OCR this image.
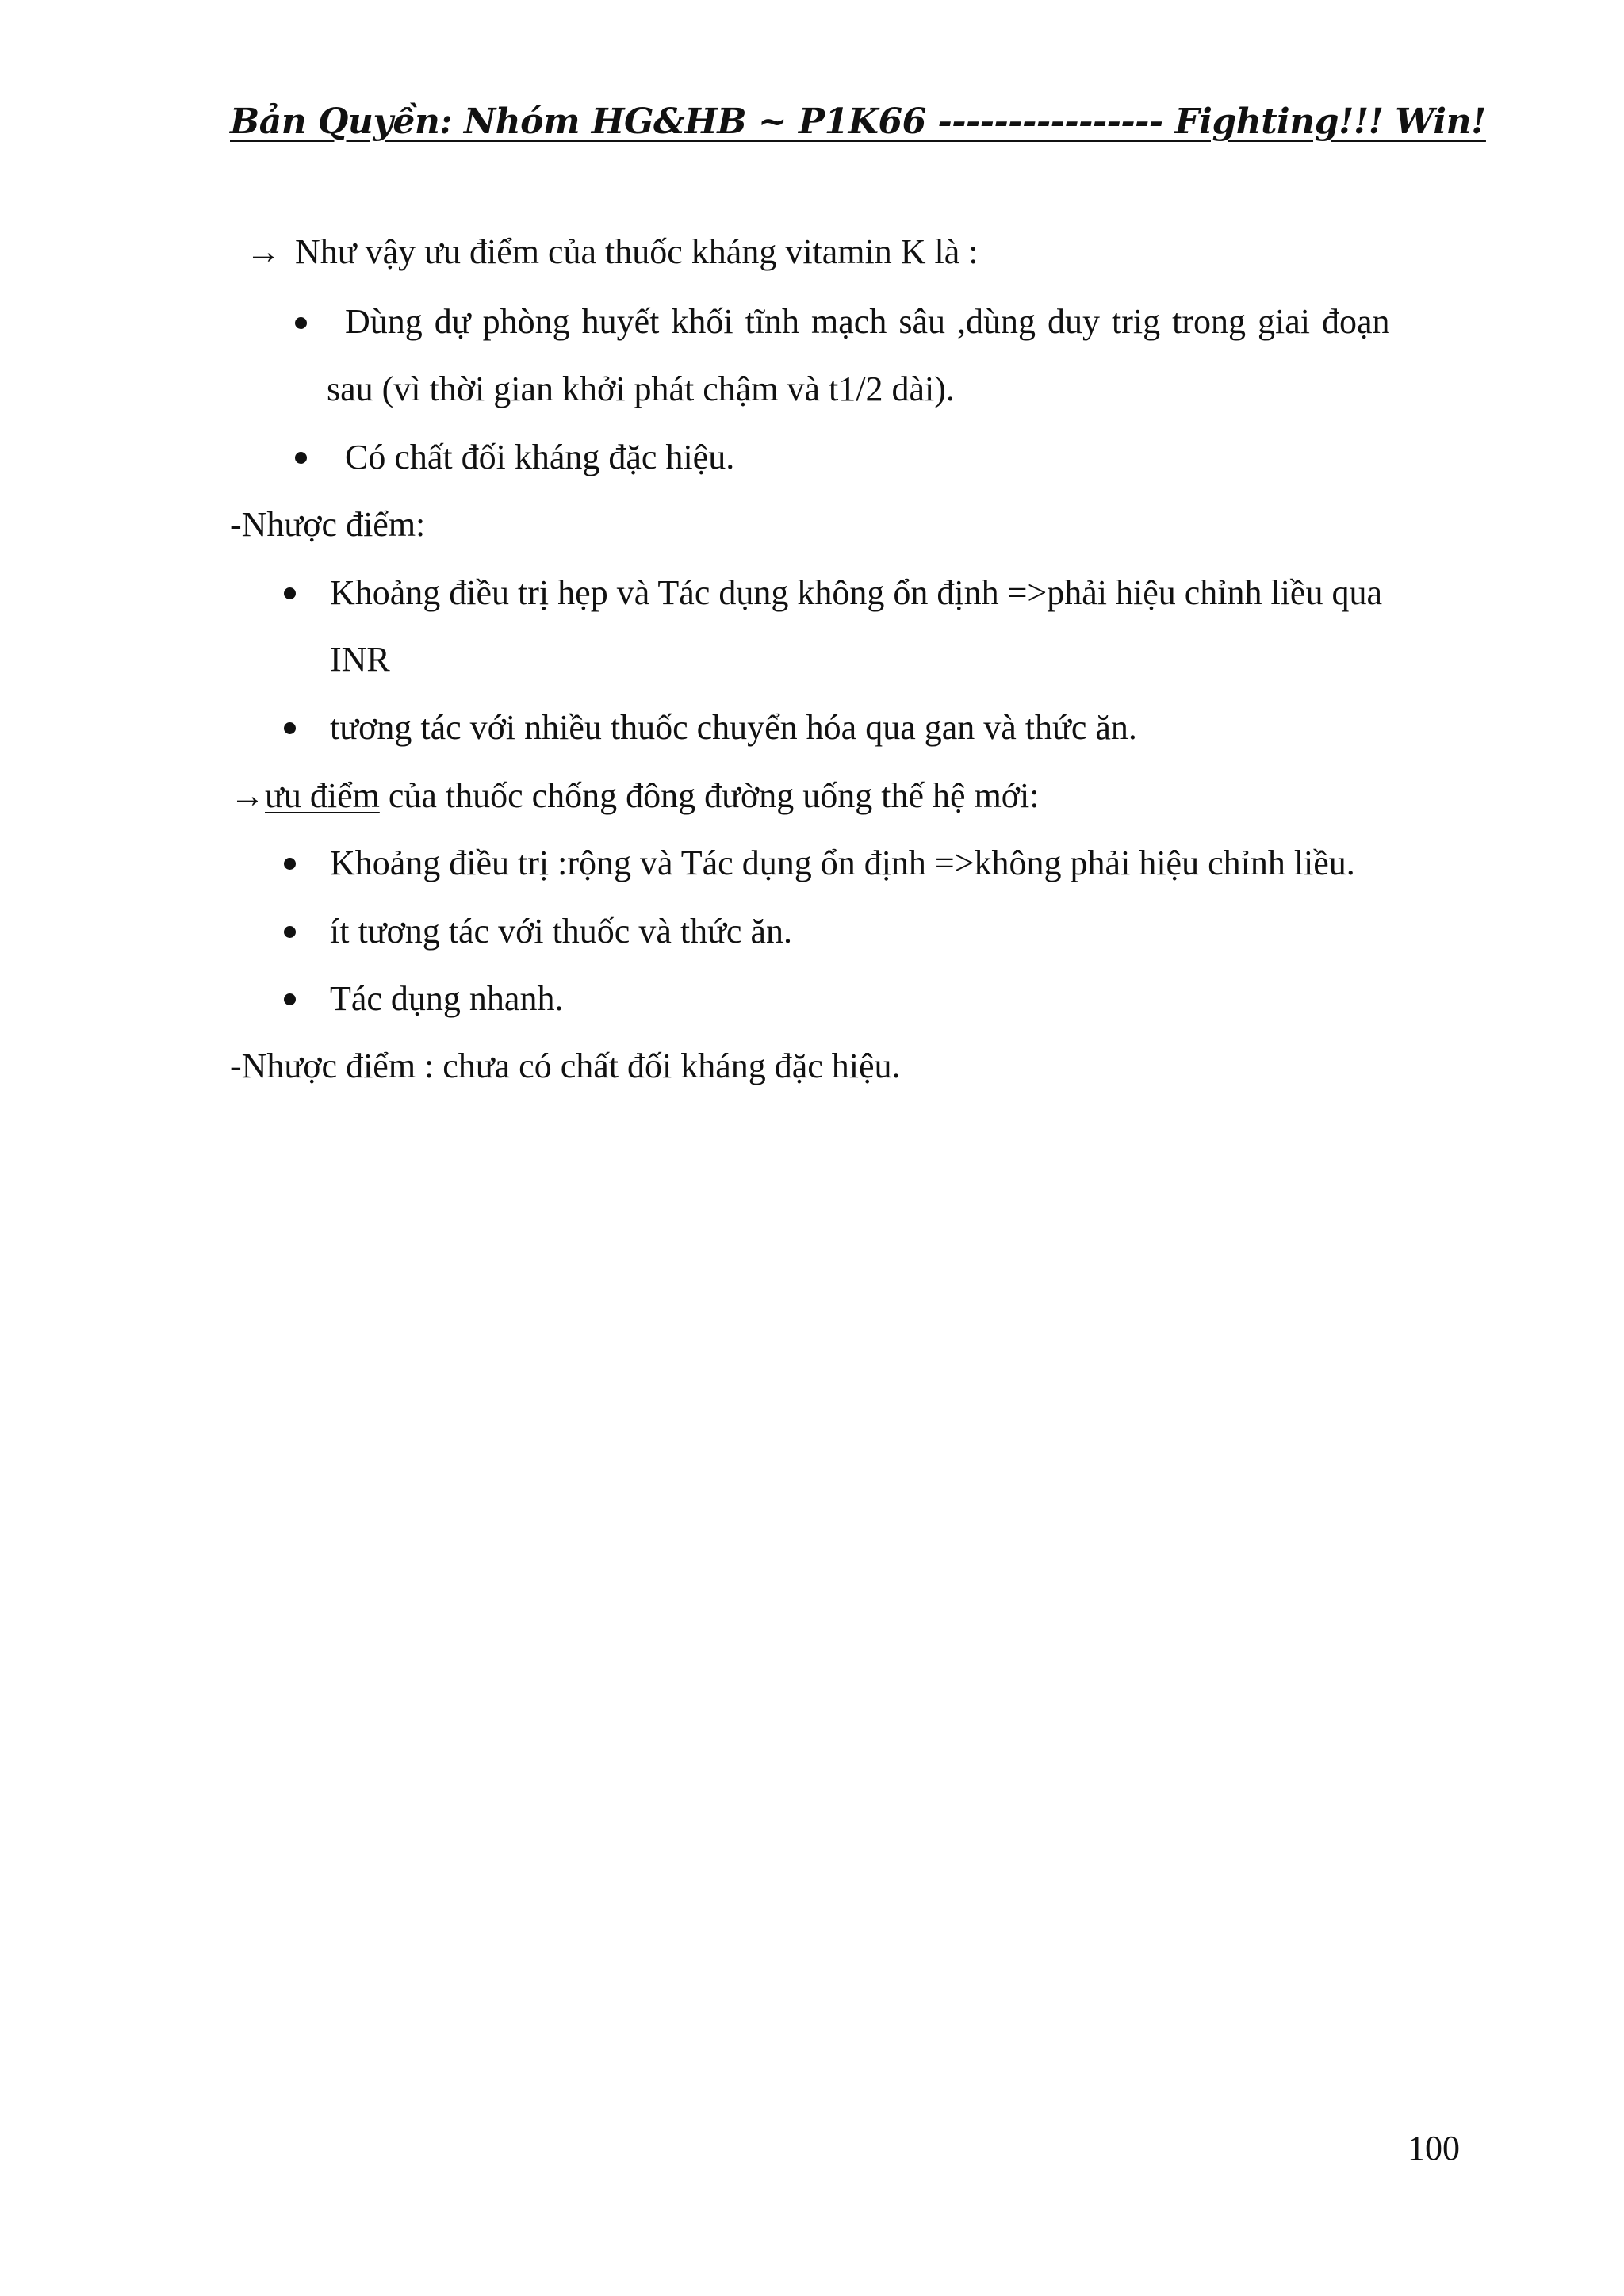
Bản Quyền: Nhóm HG&HB ~ P1K66 ---------------- Fighting!!! Win!
→ Như vậy ưu điểm của thuốc kháng vitamin K là :
Dùng dự phòng huyết khối tĩnh mạch sâu ,dùng duy trig trong giai đoạn
sau (vì thời gian khởi phát chậm và t1/2 dài).
Có chất đối kháng đặc hiệu.
-Nhược điểm:
Khoảng điều trị hẹp và Tác dụng không ổn định =>phải hiệu chỉnh liều qua
INR
tương tác với nhiều thuốc chuyển hóa qua gan và thức ăn.
→ưu điểm của thuốc chống đông đường uống thế hệ mới:
Khoảng điều trị :rộng và Tác dụng ổn định =>không phải hiệu chỉnh liều.
ít tương tác với thuốc và thức ăn.
Tác dụng nhanh.
-Nhược điểm : chưa có chất đối kháng đặc hiệu.
100
